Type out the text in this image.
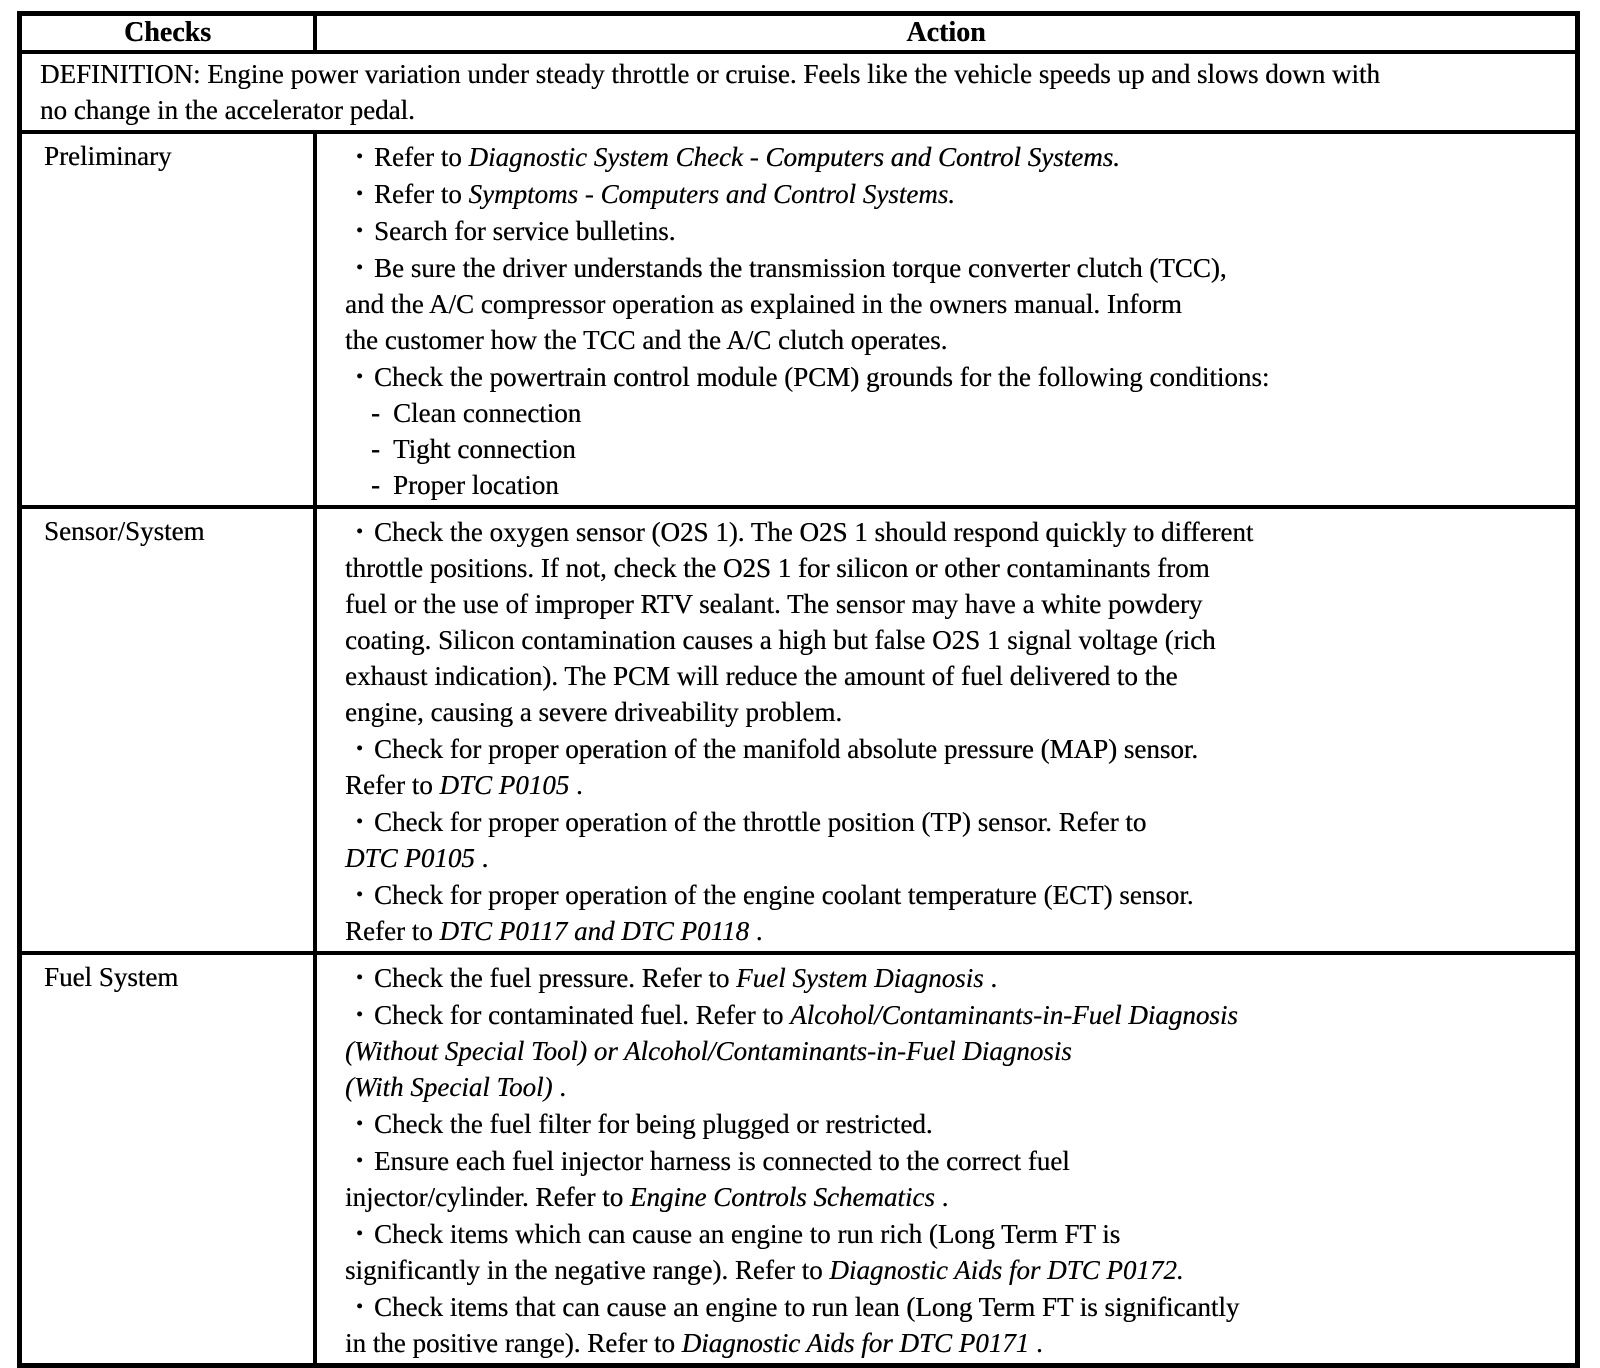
Checks	Action
DEFINITION: Engine power variation under steady throttle or cruise. Feels like the vehicle speeds up and slows down with
no change in the accelerator pedal.
Preliminary	• Refer to Diagnostic System Check - Computers and Control Systems.
• Refer to Symptoms - Computers and Control Systems.
• Search for service bulletins.
• Be sure the driver understands the transmission torque converter clutch (TCC),
and the A/C compressor operation as explained in the owners manual. Inform
the customer how the TCC and the A/C clutch operates.
• Check the powertrain control module (PCM) grounds for the following conditions:
- Clean connection
- Tight connection
- Proper location
Sensor/System	• Check the oxygen sensor (O2S 1). The O2S 1 should respond quickly to different
throttle positions. If not, check the O2S 1 for silicon or other contaminants from
fuel or the use of improper RTV sealant. The sensor may have a white powdery
coating. Silicon contamination causes a high but false O2S 1 signal voltage (rich
exhaust indication). The PCM will reduce the amount of fuel delivered to the
engine, causing a severe driveability problem.
• Check for proper operation of the manifold absolute pressure (MAP) sensor.
Refer to DTC P0105 .
• Check for proper operation of the throttle position (TP) sensor. Refer to
DTC P0105 .
• Check for proper operation of the engine coolant temperature (ECT) sensor.
Refer to DTC P0117 and DTC P0118 .
Fuel System	• Check the fuel pressure. Refer to Fuel System Diagnosis .
• Check for contaminated fuel. Refer to Alcohol/Contaminants-in-Fuel Diagnosis
(Without Special Tool) or Alcohol/Contaminants-in-Fuel Diagnosis
(With Special Tool) .
• Check the fuel filter for being plugged or restricted.
• Ensure each fuel injector harness is connected to the correct fuel
injector/cylinder. Refer to Engine Controls Schematics .
• Check items which can cause an engine to run rich (Long Term FT is
significantly in the negative range). Refer to Diagnostic Aids for DTC P0172.
• Check items that can cause an engine to run lean (Long Term FT is significantly
in the positive range). Refer to Diagnostic Aids for DTC P0171 .
